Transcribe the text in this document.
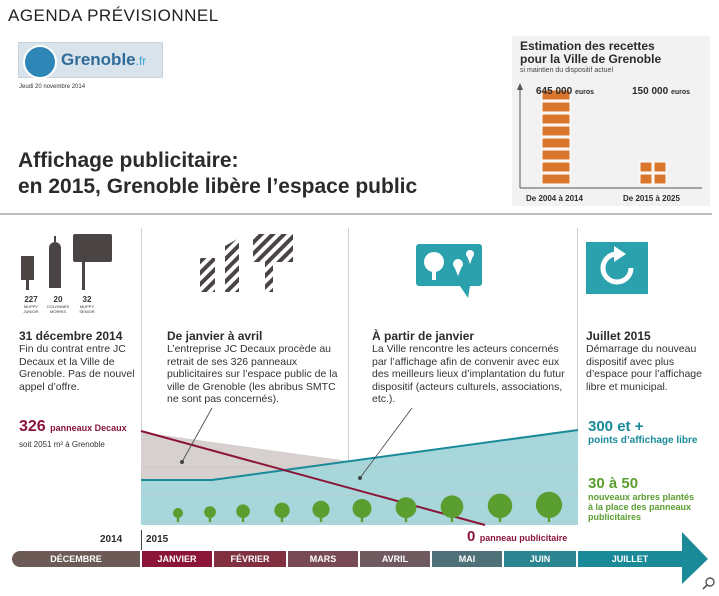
AGENDA PRÉVISIONNEL
Grenoble.fr
Jeudi 20 novembre 2014
Affichage publicitaire:
en 2015, Grenoble libère l’espace public
Estimation des recettes
pour la Ville de Grenoble
si maintien du dispositif actuel
645 000 euros	150 000 euros
De 2004 à 2014	De 2015 à 2025
227
MUPPY
JUNIOR
20
COLONNES
MORRIS
32
MUPPY
SENIOR
31 décembre 2014
Fin du contrat entre JC Decaux et la Ville de Grenoble. Pas de nouvel appel d’offre.
De janvier à avril
L’entreprise JC Decaux procède au retrait de ses 326 panneaux publicitaires sur l’espace public de la ville de Grenoble (les abribus SMTC ne sont pas concernés).
À partir de janvier
La Ville rencontre les acteurs concernés par l’affichage afin de convenir avec eux des meilleurs lieux d’implantation du futur dispositif (acteurs culturels, associations, etc.).
Juillet 2015
Démarrage du nouveau dispositif avec plus d’espace pour l’affichage libre et municipal.
326 panneaux Decaux
soit 2051 m² à Grenoble
300 et +
points d’affichage libre
30 à 50
nouveaux arbres plantés
à la place des panneaux
publicitaires
0 panneau publicitaire
2014 2015
DÉCEMBRE	JANVIER	FÉVRIER	MARS	AVRIL	MAI	JUIN	JUILLET
